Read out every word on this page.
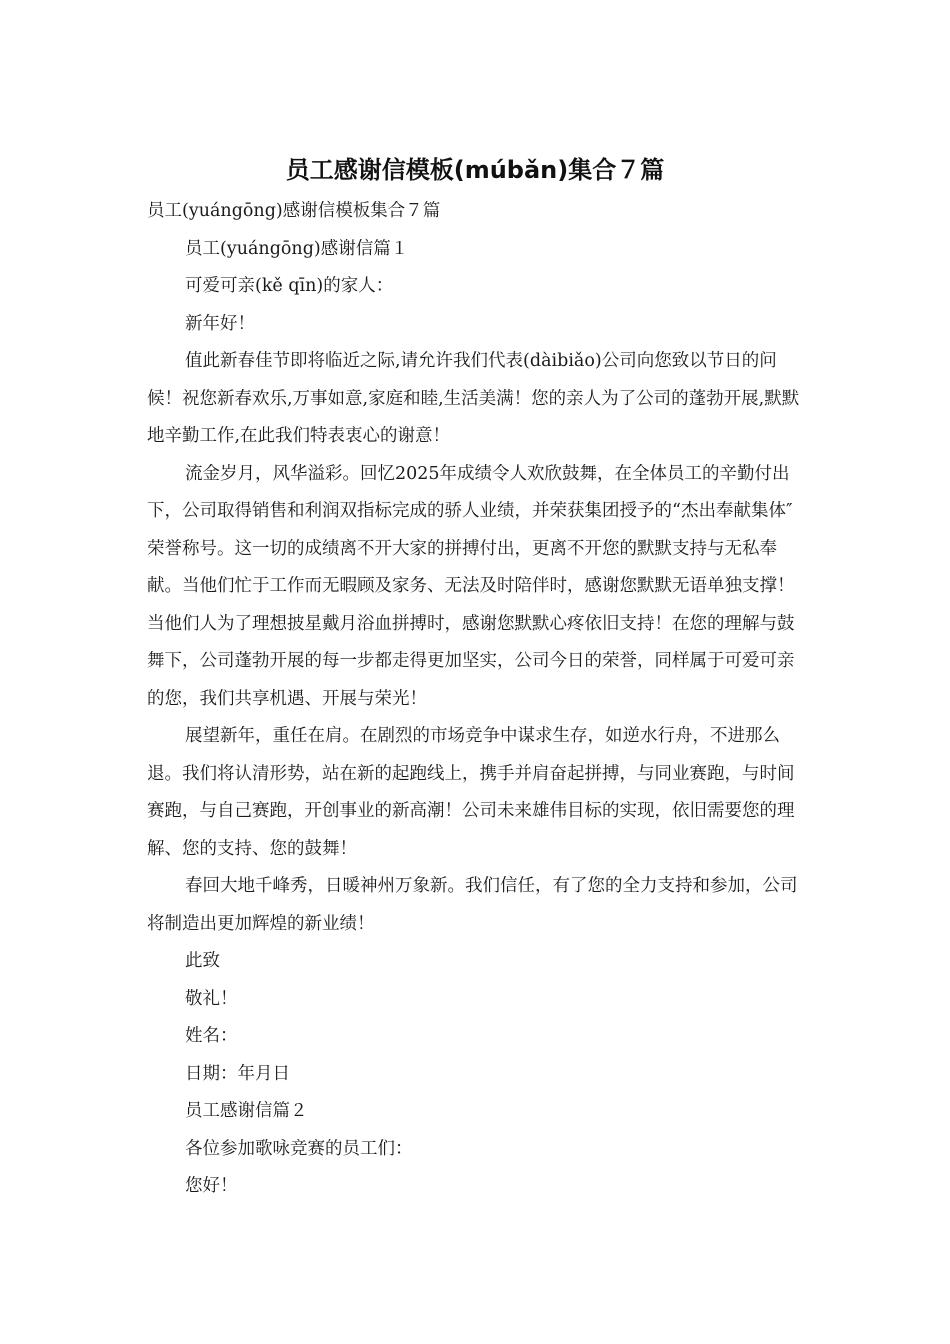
员工感谢信模板(múbǎn)集合７篇

员工(yuángōng)感谢信模板集合７篇

员工(yuángōng)感谢信篇１

可爱可亲(kě qīn)的家人：

新年好！

值此新春佳节即将临近之际,请允许我们代表(dàibiǎo)公司向您致以节日的问候！祝您新春欢乐,万事如意,家庭和睦,生活美满！您的亲人为了公司的蓬勃开展,默默地辛勤工作,在此我们特表衷心的谢意！

流金岁月，风华溢彩。回忆2025年成绩令人欢欣鼓舞，在全体员工的辛勤付出下，公司取得销售和利润双指标完成的骄人业绩，并荣获集团授予的“杰出奉献集体″荣誉称号。这一切的成绩离不开大家的拼搏付出，更离不开您的默默支持与无私奉献。当他们忙于工作而无暇顾及家务、无法及时陪伴时，感谢您默默无语单独支撑！当他们人为了理想披星戴月浴血拼搏时，感谢您默默心疼依旧支持！在您的理解与鼓舞下，公司蓬勃开展的每一步都走得更加坚实，公司今日的荣誉，同样属于可爱可亲的您，我们共享机遇、开展与荣光！

展望新年，重任在肩。在剧烈的市场竞争中谋求生存，如逆水行舟，不进那么退。我们将认清形势，站在新的起跑线上，携手并肩奋起拼搏，与同业赛跑，与时间赛跑，与自己赛跑，开创事业的新高潮！公司未来雄伟目标的实现，依旧需要您的理解、您的支持、您的鼓舞！

春回大地千峰秀，日暖神州万象新。我们信任，有了您的全力支持和参加，公司将制造出更加辉煌的新业绩！

此致

敬礼！

姓名：

日期：年月日

员工感谢信篇２

各位参加歌咏竞赛的员工们：

您好！
